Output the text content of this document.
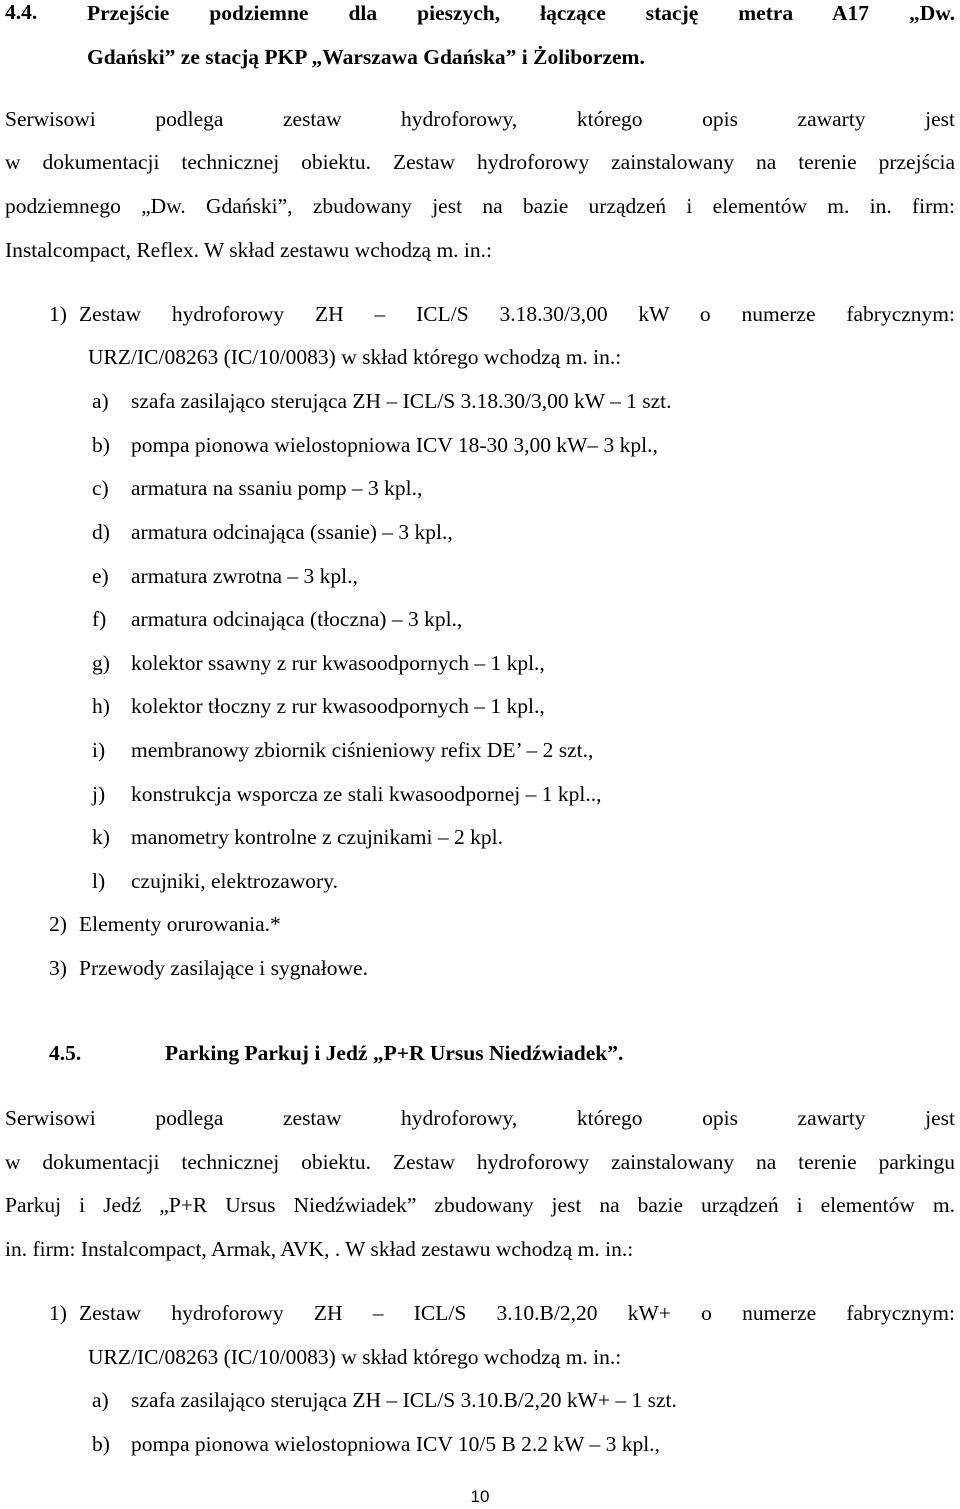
4.4. Przejście podziemne dla pieszych, łączące stację metra A17 „Dw.
Gdański” ze stacją PKP „Warszawa Gdańska” i Żoliborzem.
Serwisowi podlega zestaw hydroforowy, którego opis zawarty jest
w dokumentacji technicznej obiektu. Zestaw hydroforowy zainstalowany na terenie przejścia
podziemnego „Dw. Gdański”, zbudowany jest na bazie urządzeń i elementów m. in. firm:
Instalcompact, Reflex. W skład zestawu wchodzą m. in.:
1) Zestaw hydroforowy ZH – ICL/S 3.18.30/3,00 kW o numerze fabrycznym:
URZ/IC/08263 (IC/10/0083) w skład którego wchodzą m. in.:
a) szafa zasilająco sterująca ZH – ICL/S 3.18.30/3,00 kW – 1 szt.
b) pompa pionowa wielostopniowa ICV 18-30 3,00 kW– 3 kpl.,
c) armatura na ssaniu pomp – 3 kpl.,
d) armatura odcinająca (ssanie) – 3 kpl.,
e) armatura zwrotna – 3 kpl.,
f) armatura odcinająca (tłoczna) – 3 kpl.,
g) kolektor ssawny z rur kwasoodpornych – 1 kpl.,
h) kolektor tłoczny z rur kwasoodpornych – 1 kpl.,
i) membranowy zbiornik ciśnieniowy refix DE’ – 2 szt.,
j) konstrukcja wsporcza ze stali kwasoodpornej – 1 kpl..,
k) manometry kontrolne z czujnikami – 2 kpl.
l) czujniki, elektrozawory.
2) Elementy orurowania.*
3) Przewody zasilające i sygnałowe.
4.5.	Parking Parkuj i Jedź „P+R Ursus Niedźwiadek”.
Serwisowi podlega zestaw hydroforowy, którego opis zawarty jest
w dokumentacji technicznej obiektu. Zestaw hydroforowy zainstalowany na terenie parkingu
Parkuj i Jedź „P+R Ursus Niedźwiadek” zbudowany jest na bazie urządzeń i elementów m.
in. firm: Instalcompact, Armak, AVK, . W skład zestawu wchodzą m. in.:
1) Zestaw hydroforowy ZH – ICL/S 3.10.B/2,20 kW+ o numerze fabrycznym:
URZ/IC/08263 (IC/10/0083) w skład którego wchodzą m. in.:
a) szafa zasilająco sterująca ZH – ICL/S 3.10.B/2,20 kW+ – 1 szt.
b) pompa pionowa wielostopniowa ICV 10/5 B 2.2 kW – 3 kpl.,
10
